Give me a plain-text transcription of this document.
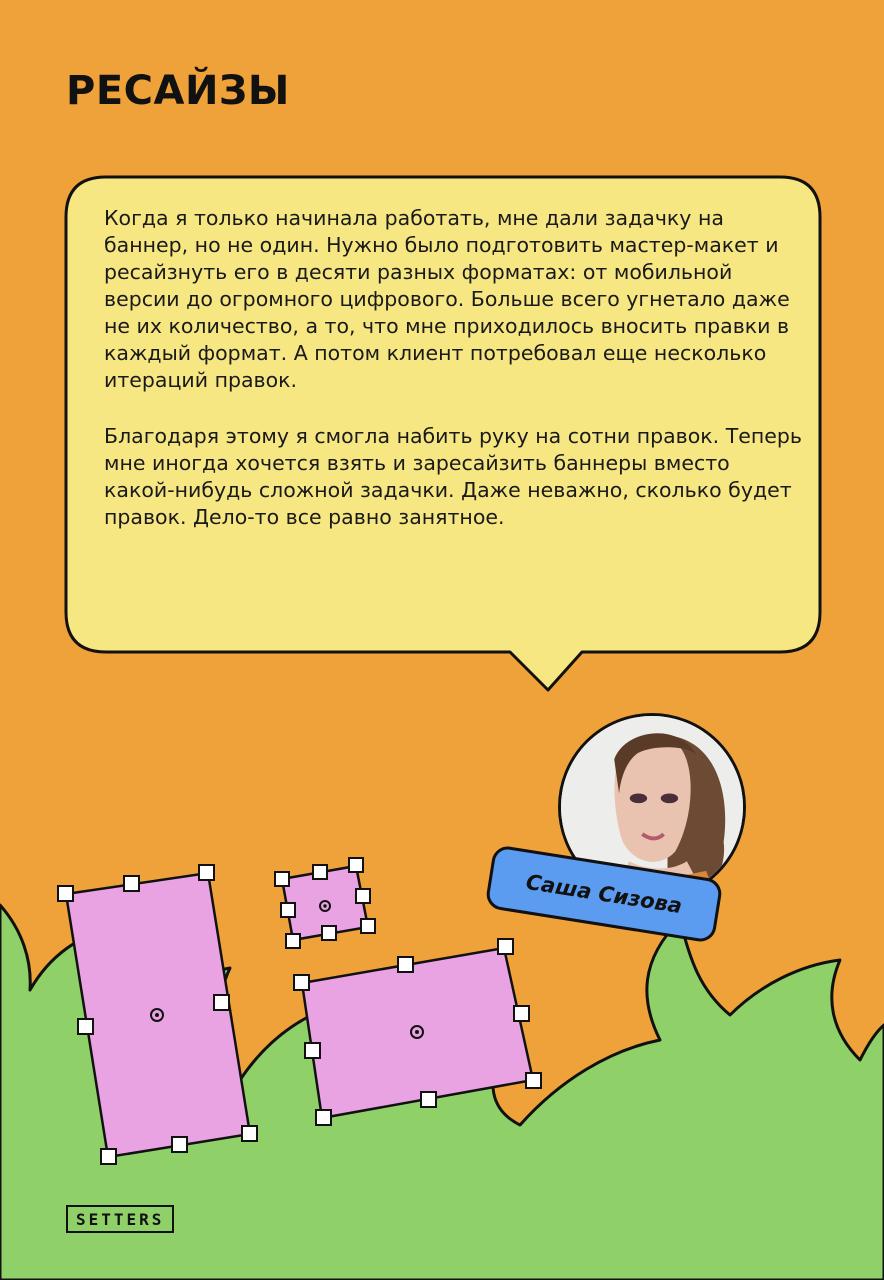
РЕСАЙЗЫ

Когда я только начинала работать, мне дали задачку на баннер, но не один. Нужно было подготовить мастер-макет и ресайзнуть его в десяти разных форматах: от мобильной версии до огромного цифрового. Больше всего угнетало даже не их количество, а то, что мне приходилось вносить правки в каждый формат. А потом клиент потребовал еще несколько итераций правок.

Благодаря этому я смогла набить руку на сотни правок. Теперь мне иногда хочется взять и заресайзить баннеры вместо какой-нибудь сложной задачки. Даже неважно, сколько будет правок. Дело-то все равно занятное.

Саша Сизова
SETTERS
